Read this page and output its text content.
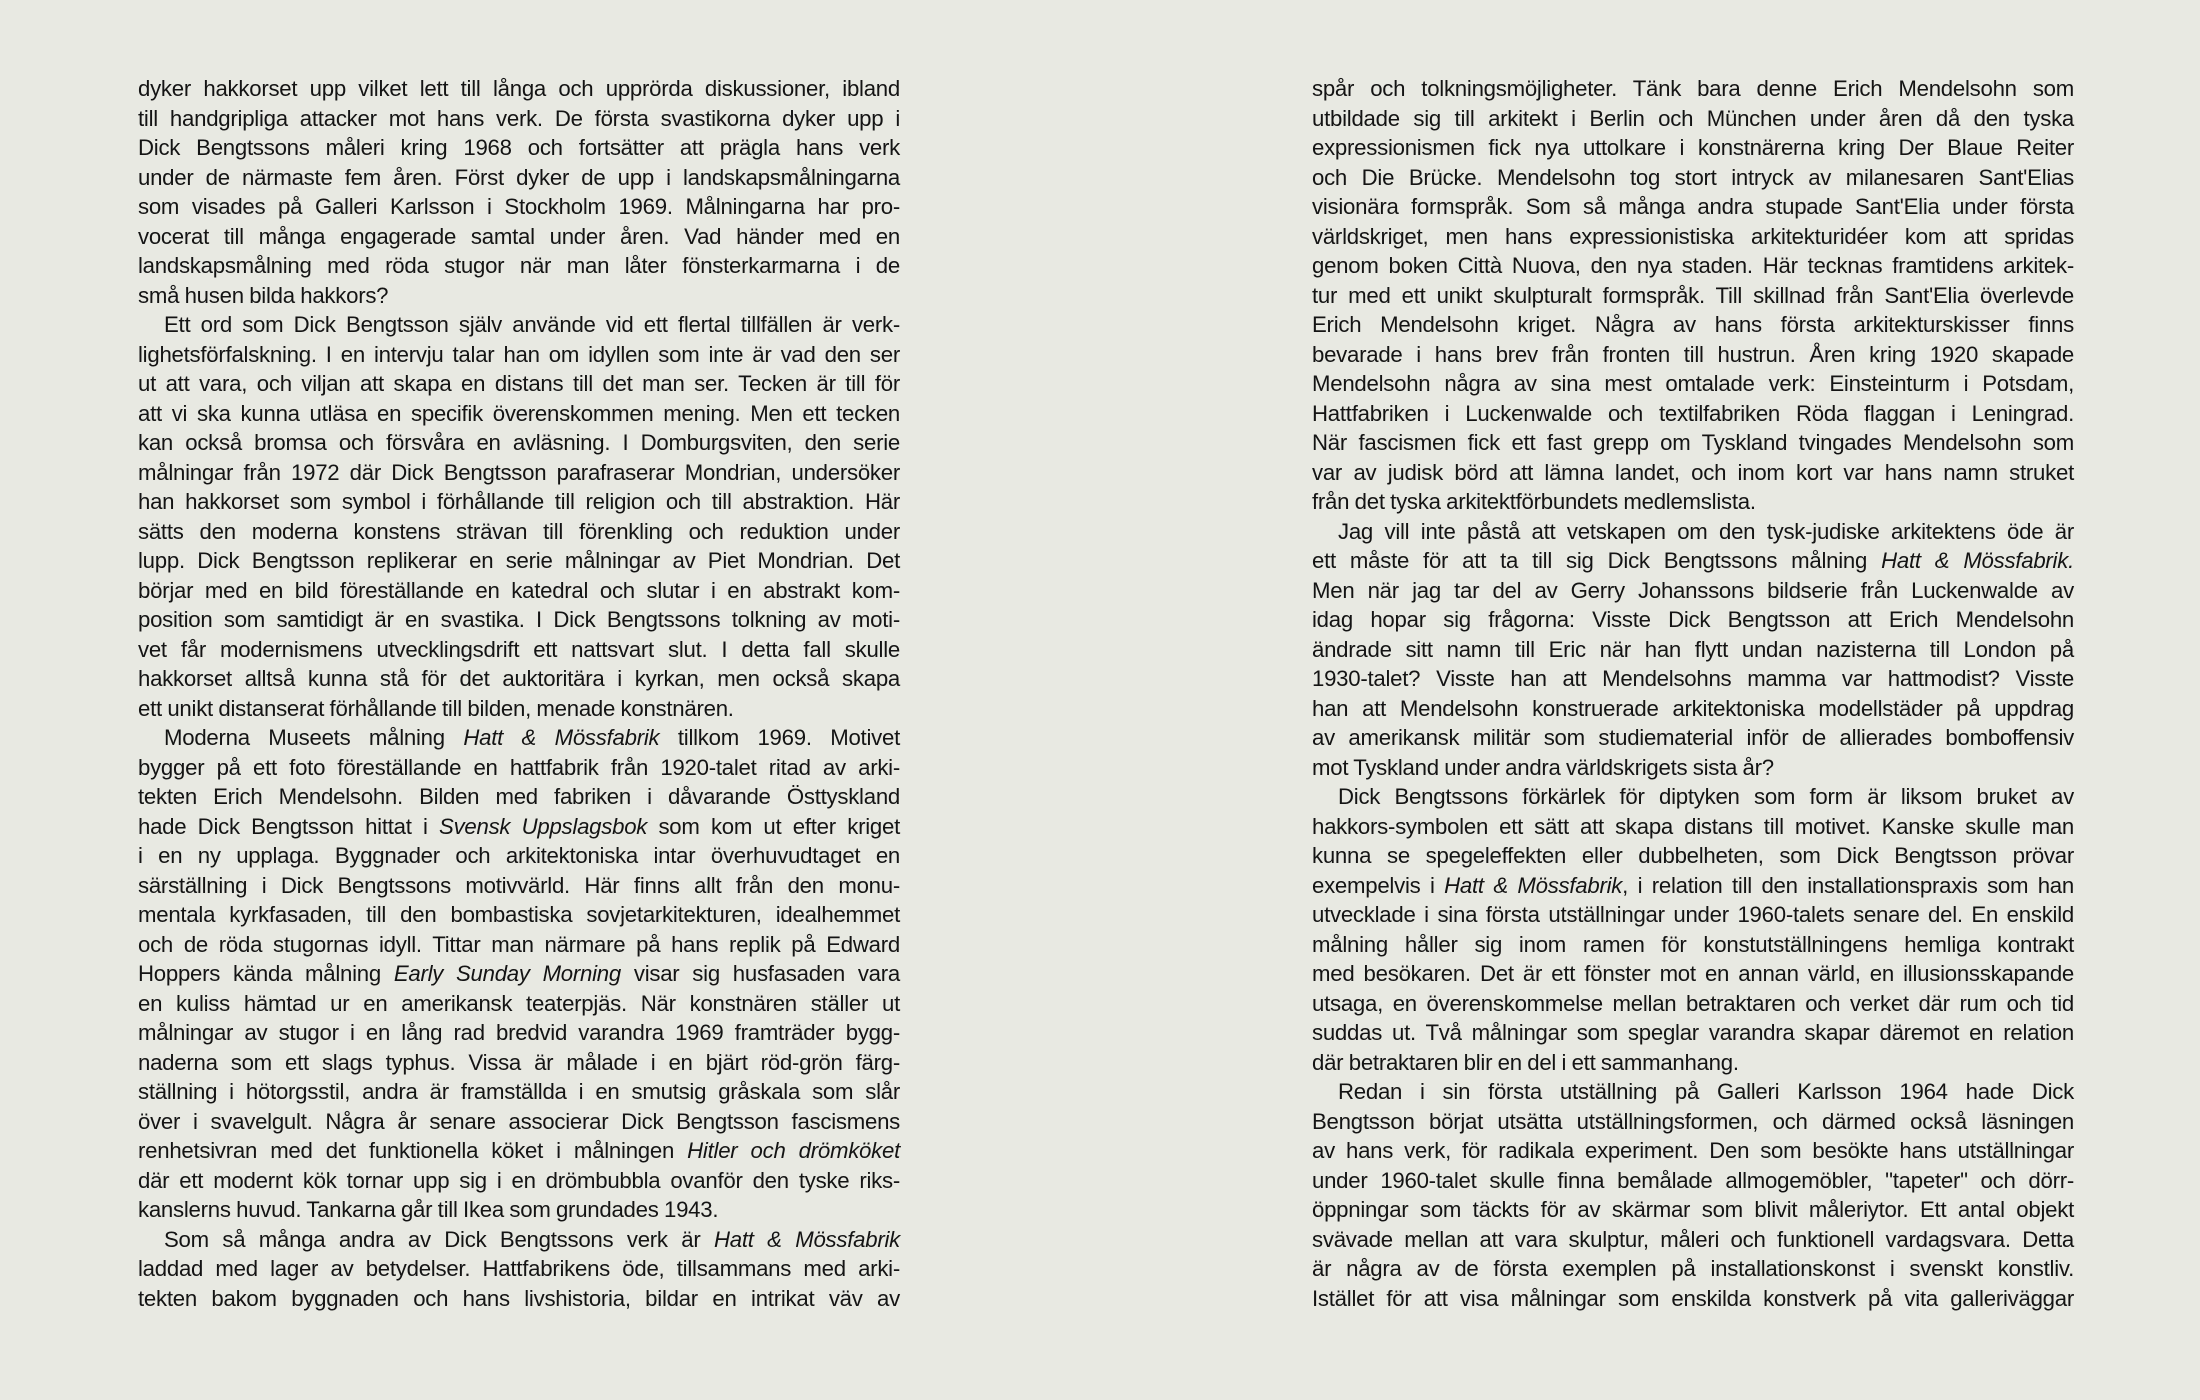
dyker hakkorset upp vilket lett till långa och upprörda diskussioner, ibland
till handgripliga attacker mot hans verk. De första svastikorna dyker upp i
Dick Bengtssons måleri kring 1968 och fortsätter att prägla hans verk
under de närmaste fem åren. Först dyker de upp i landskapsmålningarna
som visades på Galleri Karlsson i Stockholm 1969. Målningarna har pro-
vocerat till många engagerade samtal under åren. Vad händer med en
landskapsmålning med röda stugor när man låter fönsterkarmarna i de
små husen bilda hakkors?
Ett ord som Dick Bengtsson själv använde vid ett flertal tillfällen är verk-
lighetsförfalskning. I en intervju talar han om idyllen som inte är vad den ser
ut att vara, och viljan att skapa en distans till det man ser. Tecken är till för
att vi ska kunna utläsa en specifik överenskommen mening. Men ett tecken
kan också bromsa och försvåra en avläsning. I Domburgsviten, den serie
målningar från 1972 där Dick Bengtsson parafraserar Mondrian, undersöker
han hakkorset som symbol i förhållande till religion och till abstraktion. Här
sätts den moderna konstens strävan till förenkling och reduktion under
lupp. Dick Bengtsson replikerar en serie målningar av Piet Mondrian. Det
börjar med en bild föreställande en katedral och slutar i en abstrakt kom-
position som samtidigt är en svastika. I Dick Bengtssons tolkning av moti-
vet får modernismens utvecklingsdrift ett nattsvart slut. I detta fall skulle
hakkorset alltså kunna stå för det auktoritära i kyrkan, men också skapa
ett unikt distanserat förhållande till bilden, menade konstnären.
Moderna Museets målning Hatt & Mössfabrik tillkom 1969. Motivet
bygger på ett foto föreställande en hattfabrik från 1920-talet ritad av arki-
tekten Erich Mendelsohn. Bilden med fabriken i dåvarande Östtyskland
hade Dick Bengtsson hittat i Svensk Uppslagsbok som kom ut efter kriget
i en ny upplaga. Byggnader och arkitektoniska intar överhuvudtaget en
särställning i Dick Bengtssons motivvärld. Här finns allt från den monu-
mentala kyrkfasaden, till den bombastiska sovjetarkitekturen, idealhemmet
och de röda stugornas idyll. Tittar man närmare på hans replik på Edward
Hoppers kända målning Early Sunday Morning visar sig husfasaden vara
en kuliss hämtad ur en amerikansk teaterpjäs. När konstnären ställer ut
målningar av stugor i en lång rad bredvid varandra 1969 framträder bygg-
naderna som ett slags typhus. Vissa är målade i en bjärt röd-grön färg-
ställning i hötorgsstil, andra är framställda i en smutsig gråskala som slår
över i svavelgult. Några år senare associerar Dick Bengtsson fascismens
renhetsivran med det funktionella köket i målningen Hitler och drömköket
där ett modernt kök tornar upp sig i en drömbubbla ovanför den tyske riks-
kanslerns huvud. Tankarna går till Ikea som grundades 1943.
Som så många andra av Dick Bengtssons verk är Hatt & Mössfabrik
laddad med lager av betydelser. Hattfabrikens öde, tillsammans med arki-
tekten bakom byggnaden och hans livshistoria, bildar en intrikat väv av
spår och tolkningsmöjligheter. Tänk bara denne Erich Mendelsohn som
utbildade sig till arkitekt i Berlin och München under åren då den tyska
expressionismen fick nya uttolkare i konstnärerna kring Der Blaue Reiter
och Die Brücke. Mendelsohn tog stort intryck av milanesaren Sant'Elias
visionära formspråk. Som så många andra stupade Sant'Elia under första
världskriget, men hans expressionistiska arkitekturidéer kom att spridas
genom boken Città Nuova, den nya staden. Här tecknas framtidens arkitek-
tur med ett unikt skulpturalt formspråk. Till skillnad från Sant'Elia överlevde
Erich Mendelsohn kriget. Några av hans första arkitekturskisser finns
bevarade i hans brev från fronten till hustrun. Åren kring 1920 skapade
Mendelsohn några av sina mest omtalade verk: Einsteinturm i Potsdam,
Hattfabriken i Luckenwalde och textilfabriken Röda flaggan i Leningrad.
När fascismen fick ett fast grepp om Tyskland tvingades Mendelsohn som
var av judisk börd att lämna landet, och inom kort var hans namn struket
från det tyska arkitektförbundets medlemslista.
Jag vill inte påstå att vetskapen om den tysk-judiske arkitektens öde är
ett måste för att ta till sig Dick Bengtssons målning Hatt & Mössfabrik.
Men när jag tar del av Gerry Johanssons bildserie från Luckenwalde av
idag hopar sig frågorna: Visste Dick Bengtsson att Erich Mendelsohn
ändrade sitt namn till Eric när han flytt undan nazisterna till London på
1930-talet? Visste han att Mendelsohns mamma var hattmodist? Visste
han att Mendelsohn konstruerade arkitektoniska modellstäder på uppdrag
av amerikansk militär som studiematerial inför de allierades bomboffensiv
mot Tyskland under andra världskrigets sista år?
Dick Bengtssons förkärlek för diptyken som form är liksom bruket av
hakkors-symbolen ett sätt att skapa distans till motivet. Kanske skulle man
kunna se spegeleffekten eller dubbelheten, som Dick Bengtsson prövar
exempelvis i Hatt & Mössfabrik, i relation till den installationspraxis som han
utvecklade i sina första utställningar under 1960-talets senare del. En enskild
målning håller sig inom ramen för konstutställningens hemliga kontrakt
med besökaren. Det är ett fönster mot en annan värld, en illusionsskapande
utsaga, en överenskommelse mellan betraktaren och verket där rum och tid
suddas ut. Två målningar som speglar varandra skapar däremot en relation
där betraktaren blir en del i ett sammanhang.
Redan i sin första utställning på Galleri Karlsson 1964 hade Dick
Bengtsson börjat utsätta utställningsformen, och därmed också läsningen
av hans verk, för radikala experiment. Den som besökte hans utställningar
under 1960-talet skulle finna bemålade allmogemöbler, "tapeter" och dörr-
öppningar som täckts för av skärmar som blivit måleriytor. Ett antal objekt
svävade mellan att vara skulptur, måleri och funktionell vardagsvara. Detta
är några av de första exemplen på installationskonst i svenskt konstliv.
Istället för att visa målningar som enskilda konstverk på vita galleriväggar
